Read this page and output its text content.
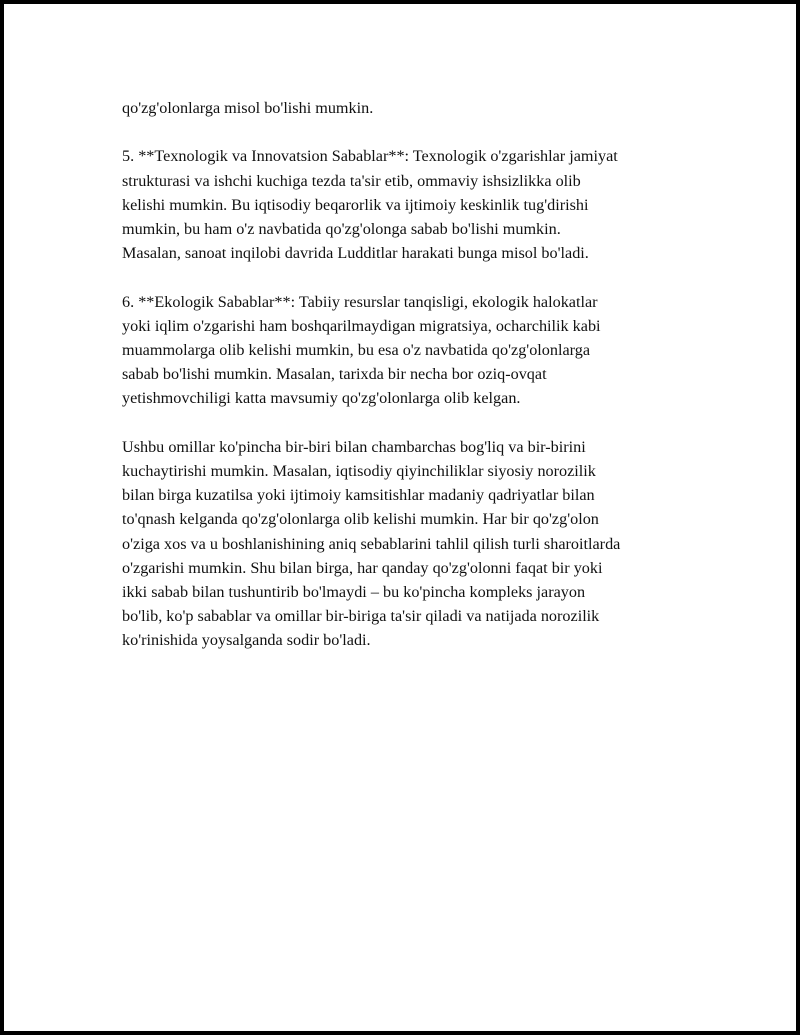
qo'zg'olonlarga misol bo'lishi mumkin.

5. **Texnologik va Innovatsion Sabablar**: Texnologik o'zgarishlar jamiyat
strukturasi va ishchi kuchiga tezda ta'sir etib, ommaviy ishsizlikka olib
kelishi mumkin. Bu iqtisodiy beqarorlik va ijtimoiy keskinlik tug'dirishi
mumkin, bu ham o'z navbatida qo'zg'olonga sabab bo'lishi mumkin.
Masalan, sanoat inqilobi davrida Ludditlar harakati bunga misol bo'ladi.

6. **Ekologik Sabablar**: Tabiiy resurslar tanqisligi, ekologik halokatlar
yoki iqlim o'zgarishi ham boshqarilmaydigan migratsiya, ocharchilik kabi
muammolarga olib kelishi mumkin, bu esa o'z navbatida qo'zg'olonlarga
sabab bo'lishi mumkin. Masalan, tarixda bir necha bor oziq-ovqat
yetishmovchiligi katta mavsumiy qo'zg'olonlarga olib kelgan.

Ushbu omillar ko'pincha bir-biri bilan chambarchas bog'liq va bir-birini
kuchaytirishi mumkin. Masalan, iqtisodiy qiyinchiliklar siyosiy norozilik
bilan birga kuzatilsa yoki ijtimoiy kamsitishlar madaniy qadriyatlar bilan
to'qnash kelganda qo'zg'olonlarga olib kelishi mumkin. Har bir qo'zg'olon
o'ziga xos va u boshlanishining aniq sebablarini tahlil qilish turli sharoitlarda
o'zgarishi mumkin. Shu bilan birga, har qanday qo'zg'olonni faqat bir yoki
ikki sabab bilan tushuntirib bo'lmaydi – bu ko'pincha kompleks jarayon
bo'lib, ko'p sabablar va omillar bir-biriga ta'sir qiladi va natijada norozilik
ko'rinishida yoysalganda sodir bo'ladi.
